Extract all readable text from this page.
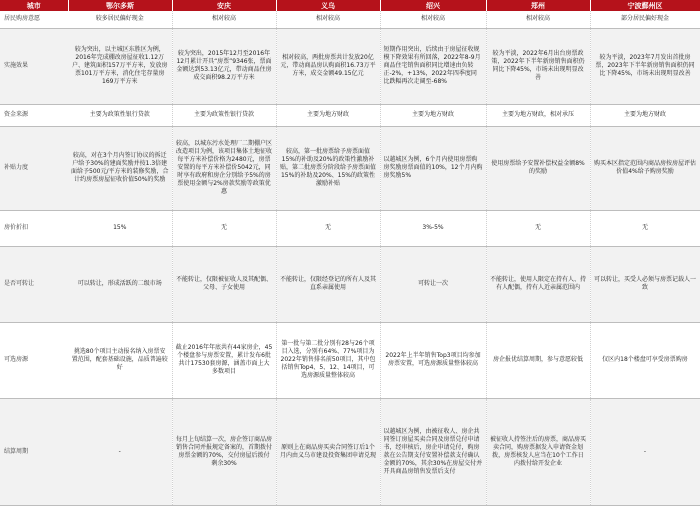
城市	鄂尔多斯	安庆	义乌	绍兴	郑州	宁波鄞州区
居民购房意愿	较多居民偏好现金	相对较高	相对较高	相对较高	相对较高	部分居民偏好现金
实施效果	较为突出，以主城区东胜区为例，2016年完成棚改房屋征收1.12万户、建筑面积157万平方米，发放房票101万平方米，消化住宅存量房169万平方米	较为突出，2015年12月至2016年12月累计开具“房票”9346张，票面金额达到53.13亿元，带动商品住房成交面积98.2万平方米	相对较高，两批房票共计发放20亿元，带动商品房认购面积16.73万平方米，成交金额49.15亿元	短期作用突出，后续由于房屋征收规模下降效果有所回落，2022年8-9月商品住宅销售面积同比增速由负转正-2%，+13%，2022年四季度同比跌幅再次走阔至-68%	较为平淡，2022年6月出台房票政策，2022年下半年新房销售面积仍同比下降45%，市场未出现明显改善	较为平淡，2023年7月发出首批房票，2023年下半年新房销售面积仍同比下降45%，市场未出现明显改善
资金来源	主要为政策性银行贷款	主要为政策性银行贷款	主要为地方财政	主要为地方财政	主要为地方财政，相对承压	主要为地方财政
补贴力度	较高，对在3个月内签订协议的拆迁户给予30%的建面奖励并按1.3倍建面给予500元/平方米的装修奖励，合计约房票房屋征收价值50%的奖励	较高，以城东污水处理厂二期棚户区改造项目为例，该项目集体土地征收每平方米补偿价格为2480元，房票安置的每平方米补偿价5042元，同时享有政府和房企分别给予5%的房票使用金额与2%房款奖励等政策优惠	较高，第一批房票给予房票面值15%的补助及20%的政策性激励补贴，第二批房票分阶段给予房票面值15%的补助及20%、15%的政策性激励补贴	以越城区为例，6个月内使用房票购房奖励房票面值的10%，12个月内购房奖励5%	使用房票给予安置补偿权益金额8%的奖励	购买本区指定范围内商品房按房屋评估价值4%给予购房奖励
房价折扣	15%	无	无	3%-5%	无	无
是否可转让	可以转让，形成活跃的二级市场	不能转让，仅限被征收人及其配偶、父母、子女使用	不能转让，仅限经登记的所有人及其直系亲属使用	可转让一次	不能转让，使用人限定在持有人、持有人配偶，持有人近亲属范围内	可以转让，买受人必须与房票记载人一致
可选房源	挑选80个项目主动报名纳入房票安置范围，配套基础设施，品质普遍较好	截止2016年年底共有44家房企，45个楼盘参与房票安置，累计发布6批共计17530套房源，涵盖市面上大多数项目	第一批与第二批分别有28与26个项目入选，分别有64%、77%项目为2022年销售排名前50项目，其中包括销售Top4、5、12、14项目，可选房源质量整体较高	2022年上半年销售Top3项目均参加房票安置，可选房源质量整体较高	房企报优结算周期，参与意愿较低	仅区内18个楼盘可享受房票购房
结算周期	-	每月上旬结算一次，房企签订商品房销售合同并报规定备案的，首期拨付房票金额的70%，交付房屋后拨付剩余30%	原则上在商品房买卖合同签订后1个月内由义乌市建设投资集团申请兑现	以越城区为例，由被征收人、房企共同签订房屋买卖合同及房票兑付申请书，经审核后，房企申请兑付，购房款在公告期支付安置补偿款支付确认金额的70%，其余30%在房屋交付并开具商品房销售发票后支付	被征收人持签注后的房票，商品房买卖合同，购房票据发入申请资金划拨，房票核发人应当在10个工作日内拨付给开发企业	-
